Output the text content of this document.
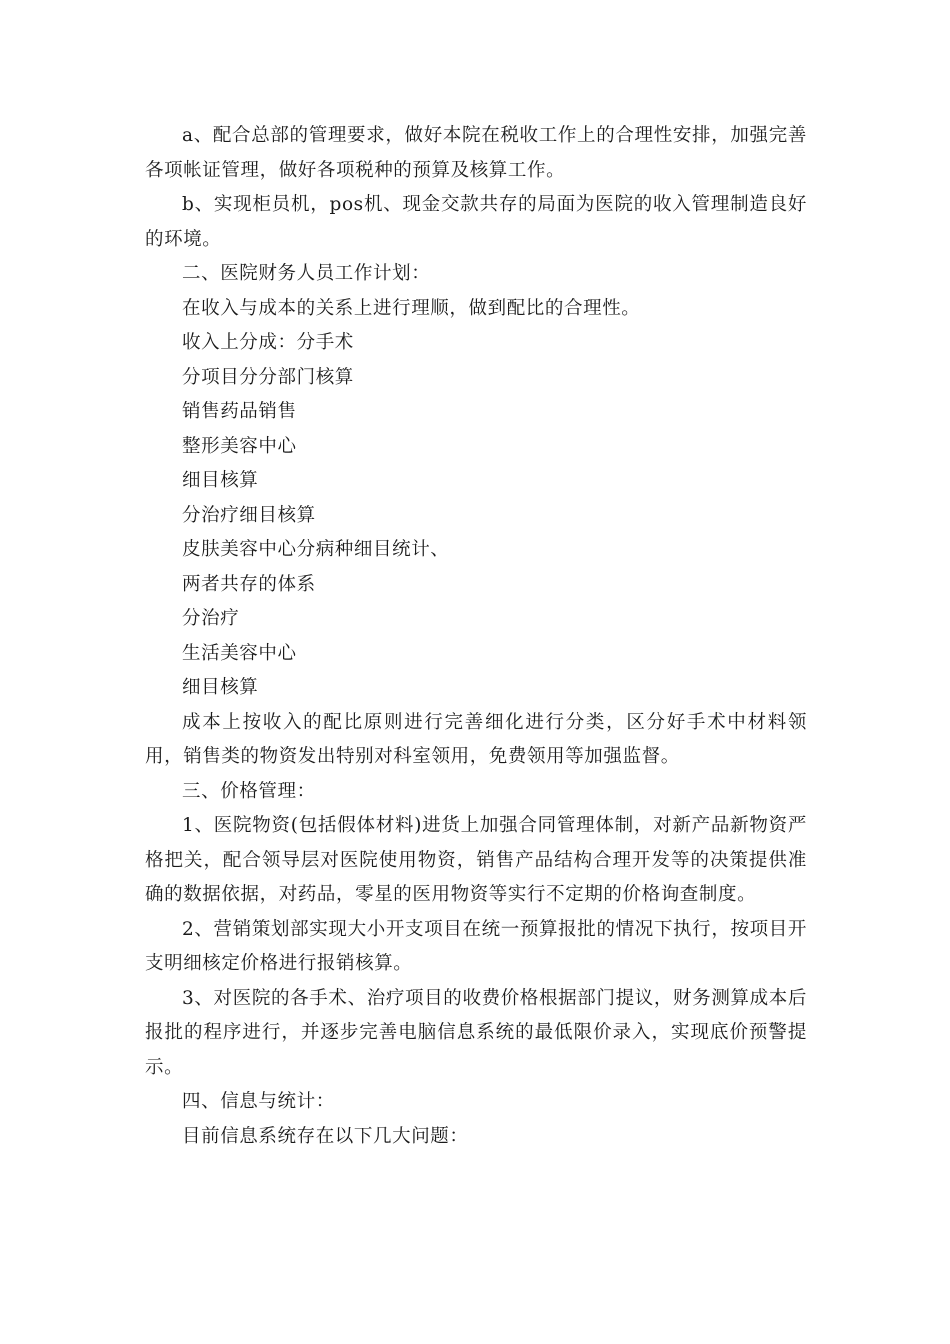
a、配合总部的管理要求，做好本院在税收工作上的合理性安排，加强完善各项帐证管理，做好各项税种的预算及核算工作。

b、实现柜员机，pos机、现金交款共存的局面为医院的收入管理制造良好的环境。

二、医院财务人员工作计划：

在收入与成本的关系上进行理顺，做到配比的合理性。

收入上分成：分手术

分项目分分部门核算

销售药品销售

整形美容中心

细目核算

分治疗细目核算

皮肤美容中心分病种细目统计、

两者共存的体系

分治疗

生活美容中心

细目核算

成本上按收入的配比原则进行完善细化进行分类，区分好手术中材料领用，销售类的物资发出特别对科室领用，免费领用等加强监督。

三、价格管理：

1、医院物资(包括假体材料)进货上加强合同管理体制，对新产品新物资严格把关，配合领导层对医院使用物资，销售产品结构合理开发等的决策提供准确的数据依据，对药品，零星的医用物资等实行不定期的价格询查制度。

2、营销策划部实现大小开支项目在统一预算报批的情况下执行，按项目开支明细核定价格进行报销核算。

3、对医院的各手术、治疗项目的收费价格根据部门提议，财务测算成本后报批的程序进行，并逐步完善电脑信息系统的最低限价录入，实现底价预警提示。

四、信息与统计：

目前信息系统存在以下几大问题：
